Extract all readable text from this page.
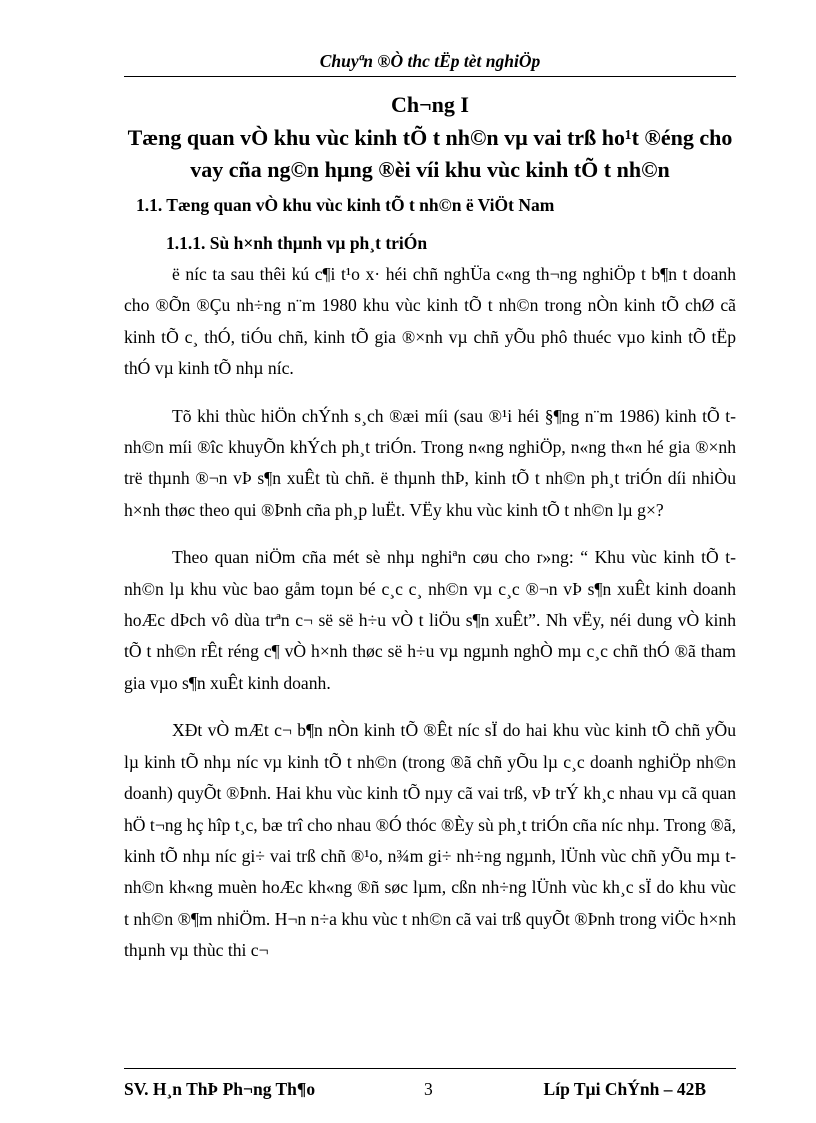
Chuyªn ®Ò thc tËp tèt nghiÖp
Ch¬ng I
Tæng quan vÒ khu vùc kinh tÕ t nh©n vµ vai trß ho¹t ®éng cho vay cña ng©n hµng ®èi víi khu vùc kinh tÕ t nh©n
1.1. Tæng quan vÒ khu vùc kinh tÕ t nh©n ë ViÖt Nam
1.1.1. Sù h×nh thµnh vµ ph¸t triÓn

ë níc ta sau thêi kú c¶i t¹o x· héi chñ nghÜa c«ng th¬ng nghiÖp t b¶n t doanh cho ®Õn ®Çu nh÷ng n¨m 1980 khu vùc kinh tÕ t nh©n trong nÒn kinh tÕ chØ cã kinh tÕ c¸ thÓ, tiÓu chñ, kinh tÕ gia ®×nh vµ chñ yÕu phô thuéc vµo kinh tÕ tËp thÓ vµ kinh tÕ nhµ níc.

Tõ khi thùc hiÖn chÝnh s¸ch ®æi míi (sau ®¹i héi §¶ng n¨m 1986) kinh tÕ t nh©n míi ®îc khuyÕn khÝch ph¸t triÓn. Trong n«ng nghiÖp, n«ng th«n hé gia ®×nh trë thµnh ®¬n vÞ s¶n xuÊt tù chñ. ë thµnh thÞ, kinh tÕ t nh©n ph¸t triÓn díi nhiÒu h×nh thøc theo qui ®Þnh cña ph¸p luËt. VËy khu vùc kinh tÕ t nh©n lµ g×?

Theo quan niÖm cña mét sè nhµ nghiªn cøu cho r»ng: “ Khu vùc kinh tÕ t nh©n lµ khu vùc bao gåm toµn bé c¸c c¸ nh©n vµ c¸c ®¬n vÞ s¶n xuÊt kinh doanh hoÆc dÞch vô dùa trªn c¬ së së h÷u vÒ t liÖu s¶n xuÊt”. Nh vËy, néi dung vÒ kinh tÕ t nh©n rÊt réng c¶ vÒ h×nh thøc së h÷u vµ ngµnh nghÒ mµ c¸c chñ thÓ ®ã tham gia vµo s¶n xuÊt kinh doanh.

XÐt vÒ mÆt c¬ b¶n nÒn kinh tÕ ®Êt níc sÏ do hai khu vùc kinh tÕ chñ yÕu lµ kinh tÕ nhµ níc vµ kinh tÕ t nh©n (trong ®ã chñ yÕu lµ c¸c doanh nghiÖp nh©n doanh) quyÕt ®Þnh. Hai khu vùc kinh tÕ nµy cã vai trß, vÞ trÝ kh¸c nhau vµ cã quan hÖ t¬ng hç hîp t¸c, bæ trî cho nhau ®Ó thóc ®Èy sù ph¸t triÓn cña níc nhµ. Trong ®ã, kinh tÕ nhµ níc gi÷ vai trß chñ ®¹o, n¾m gi÷ nh÷ng ngµnh, lÜnh vùc chñ yÕu mµ t nh©n kh«ng muèn hoÆc kh«ng ®ñ søc lµm, cßn nh÷ng lÜnh vùc kh¸c sÏ do khu vùc t nh©n ®¶m nhiÖm. H¬n n÷a khu vùc t nh©n cã vai trß quyÕt ®Þnh trong viÖc h×nh thµnh vµ thùc thi c¬

SV. H¸n ThÞ Ph¬ng Th¶o	3	Líp Tµi ChÝnh – 42B
